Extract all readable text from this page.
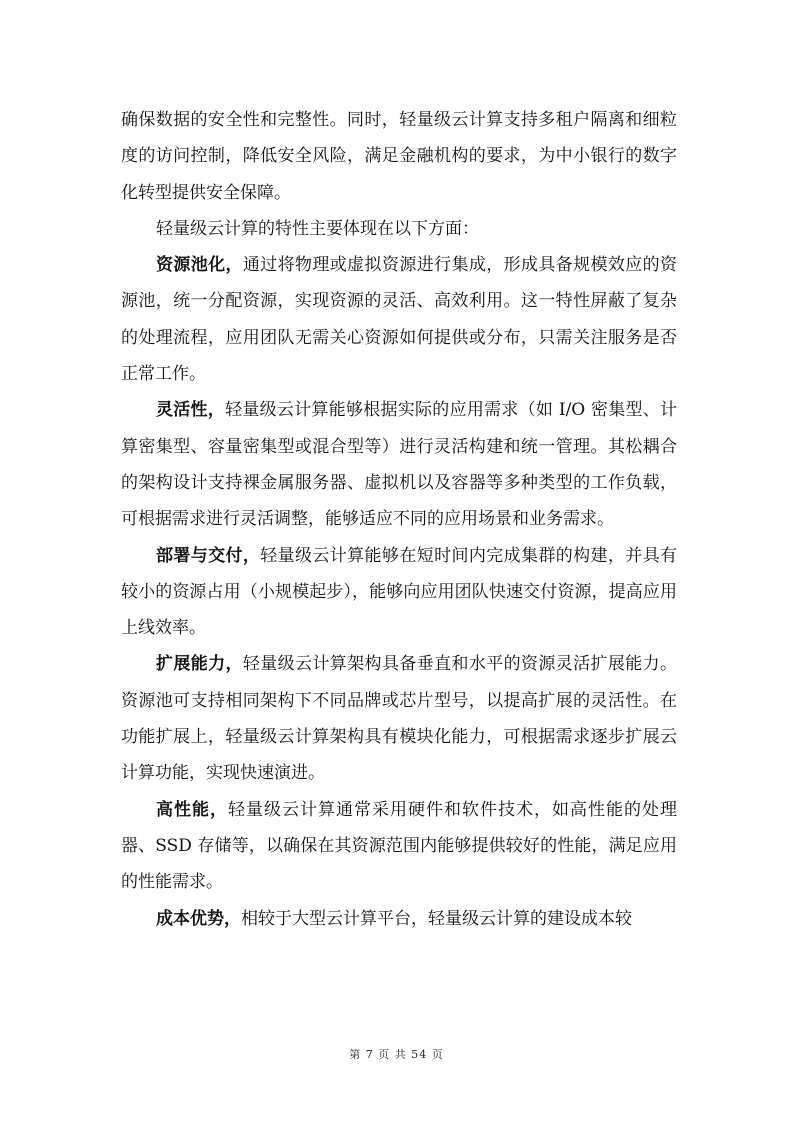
确保数据的安全性和完整性。同时，轻量级云计算支持多租户隔离和细粒度的访问控制，降低安全风险，满足金融机构的要求，为中小银行的数字化转型提供安全保障。

轻量级云计算的特性主要体现在以下方面：

资源池化，通过将物理或虚拟资源进行集成，形成具备规模效应的资源池，统一分配资源，实现资源的灵活、高效利用。这一特性屏蔽了复杂的处理流程，应用团队无需关心资源如何提供或分布，只需关注服务是否正常工作。

灵活性，轻量级云计算能够根据实际的应用需求（如 I/O 密集型、计算密集型、容量密集型或混合型等）进行灵活构建和统一管理。其松耦合的架构设计支持裸金属服务器、虚拟机以及容器等多种类型的工作负载，可根据需求进行灵活调整，能够适应不同的应用场景和业务需求。

部署与交付，轻量级云计算能够在短时间内完成集群的构建，并具有较小的资源占用（小规模起步），能够向应用团队快速交付资源，提高应用上线效率。

扩展能力，轻量级云计算架构具备垂直和水平的资源灵活扩展能力。资源池可支持相同架构下不同品牌或芯片型号，以提高扩展的灵活性。在功能扩展上，轻量级云计算架构具有模块化能力，可根据需求逐步扩展云计算功能，实现快速演进。

高性能，轻量级云计算通常采用硬件和软件技术，如高性能的处理器、SSD 存储等，以确保在其资源范围内能够提供较好的性能，满足应用的性能需求。

成本优势，相较于大型云计算平台，轻量级云计算的建设成本较

第 7 页 共 54 页
